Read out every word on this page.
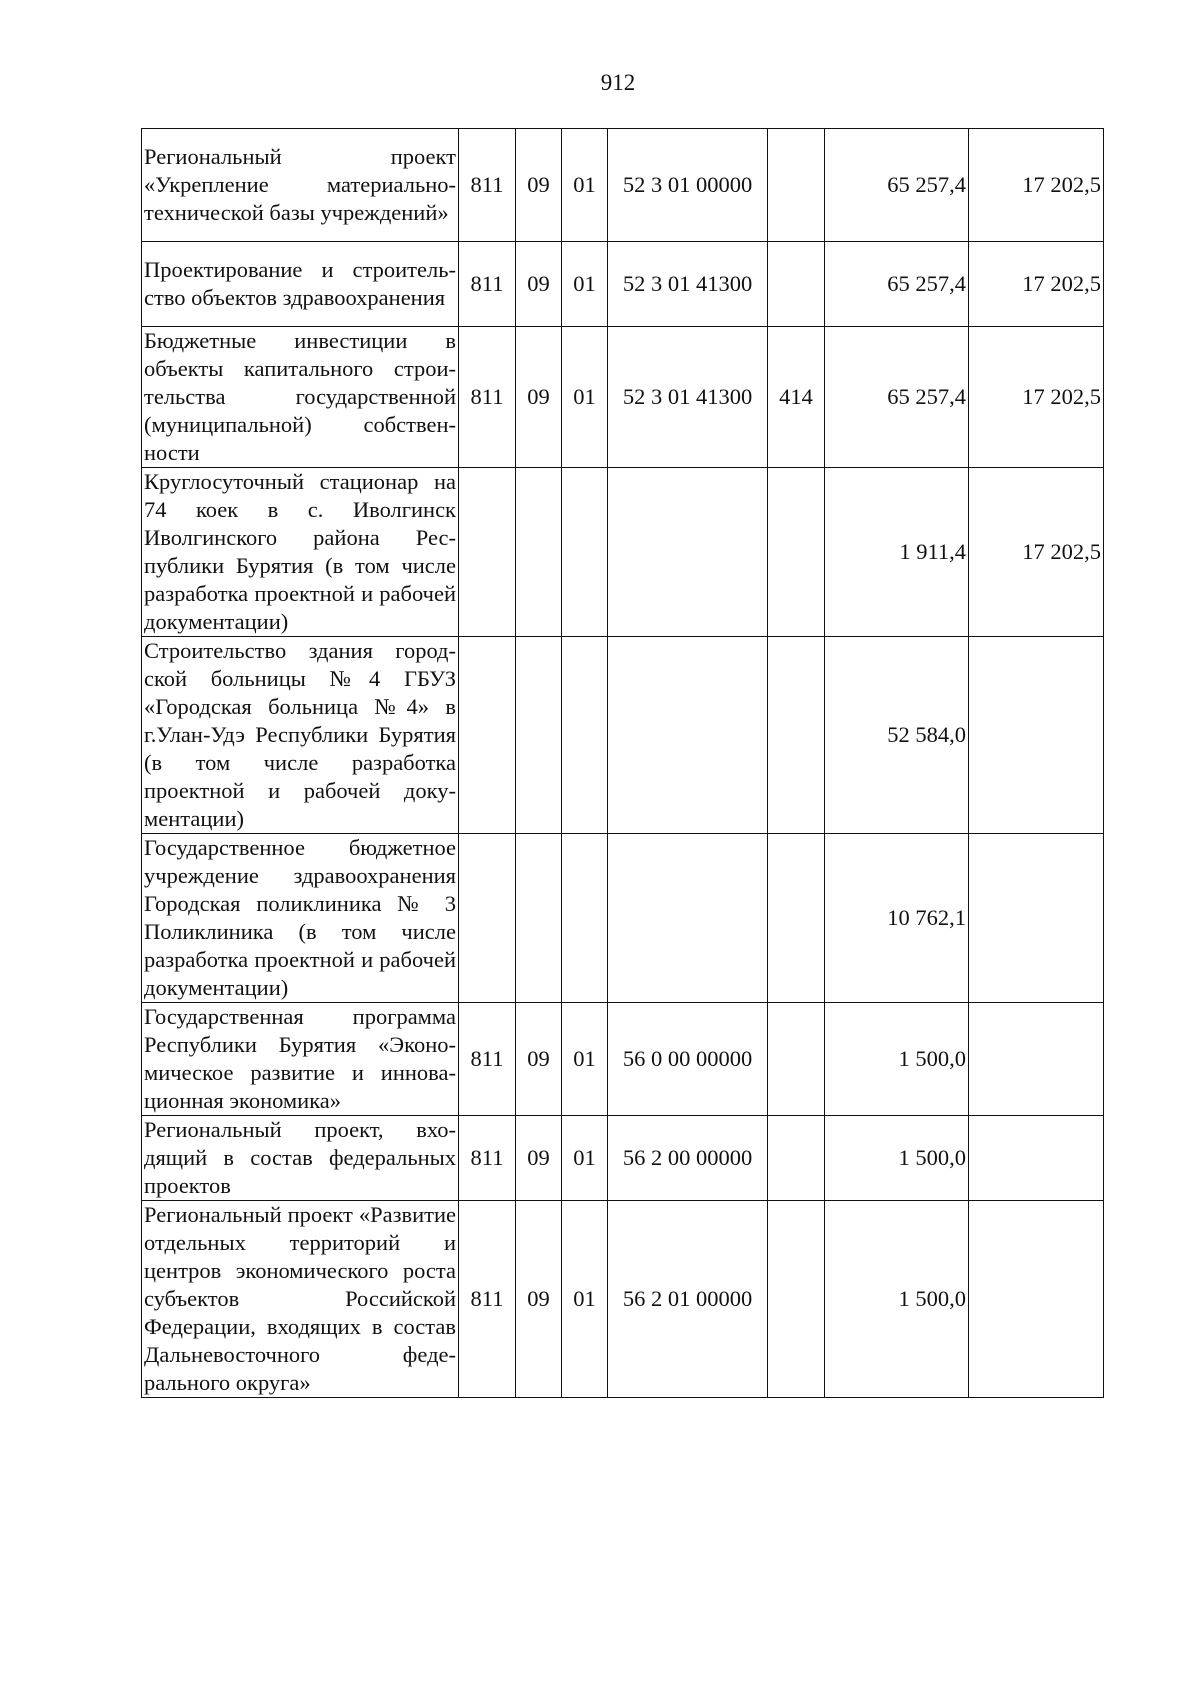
912
Региональный проект «Укрепление материально-технической базы учреждений»	811	09	01	52 3 01 00000		65 257,4	17 202,5
Проектирование и строительство объектов здравоохранения	811	09	01	52 3 01 41300		65 257,4	17 202,5
Бюджетные инвестиции в объекты капитального строительства государственной (муниципальной) собственности	811	09	01	52 3 01 41300	414	65 257,4	17 202,5
Круглосуточный стационар на 74 коек в с. Иволгинск Иволгинского района Республики Бурятия (в том числе разработка проектной и рабочей документации)						1 911,4	17 202,5
Строительство здания городской больницы №4 ГБУЗ «Городская больница №4» в г.Улан-Удэ Республики Бурятия (в том числе разработка проектной и рабочей документации)						52 584,0	
Государственное бюджетное учреждение здравоохранения Городская поликлиника № 3 Поликлиника (в том числе разработка проектной и рабочей документации)						10 762,1	
Государственная программа Республики Бурятия «Экономическое развитие и инновационная экономика»	811	09	01	56 0 00 00000		1 500,0	
Региональный проект, входящий в состав федеральных проектов	811	09	01	56 2 00 00000		1 500,0	
Региональный проект «Развитие отдельных территорий и центров экономического роста субъектов Российской Федерации, входящих в состав Дальневосточного федерального округа»	811	09	01	56 2 01 00000		1 500,0	
